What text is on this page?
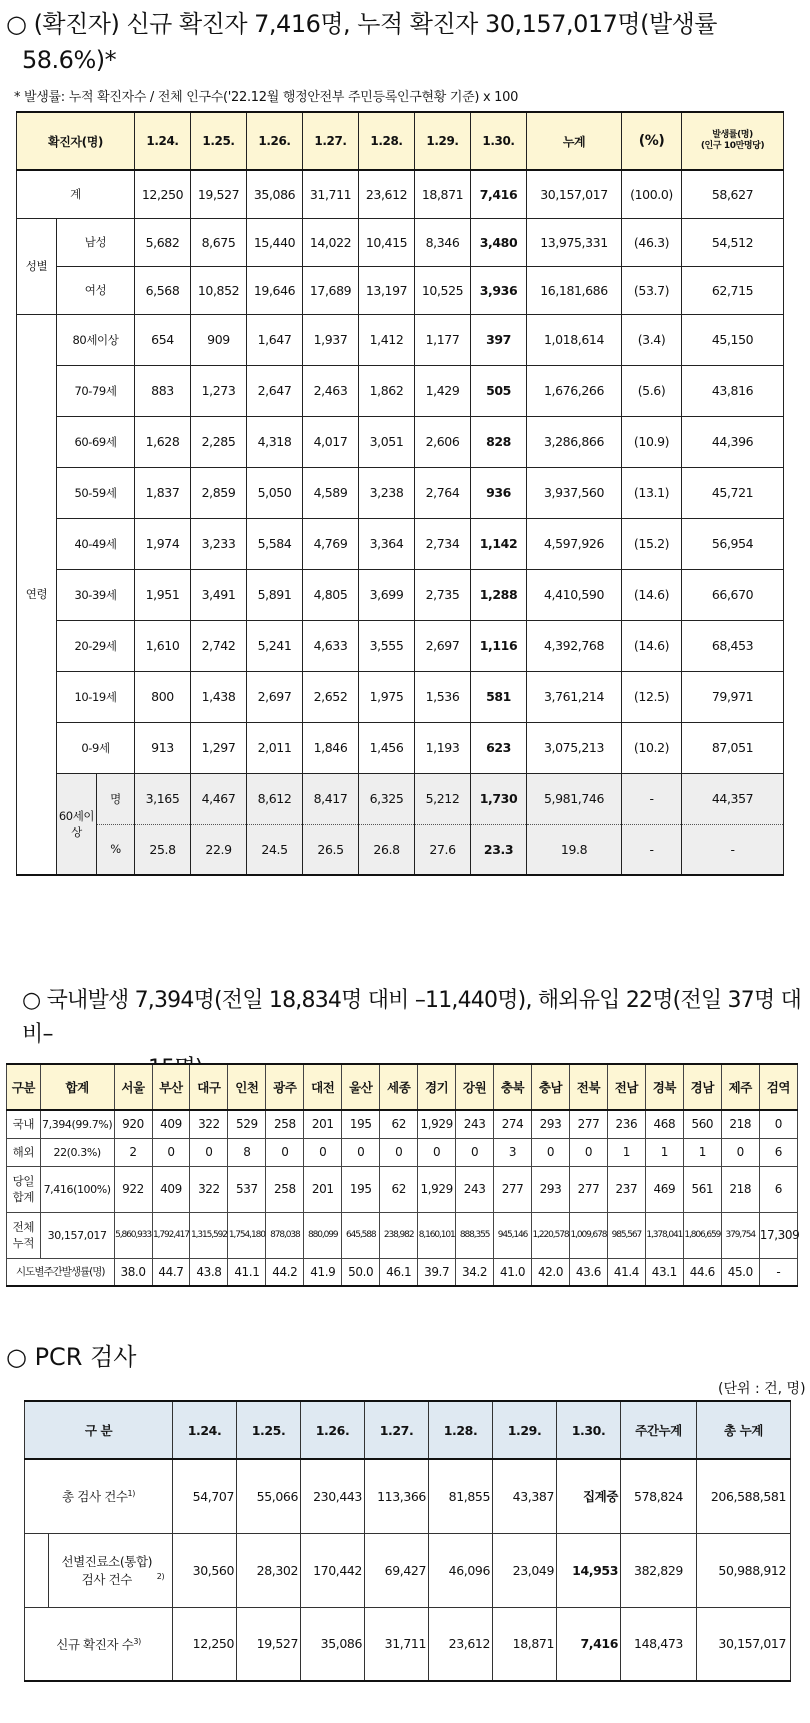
○ (확진자) 신규 확진자 7,416명, 누적 확진자 30,157,017명(발생률
58.6%)*
* 발생률: 누적 확진자수 / 전체 인구수('22.12월 행정안전부 주민등록인구현황 기준) x 100
확진자(명)			1.24.	1.25.	1.26.	1.27.	1.28.	1.29.	1.30.	누계	(%)	발생률(명)
(인구 10만명당)

계			12,250	19,527	35,086	31,711	23,612	18,871	7,416	30,157,017	(100.0)	58,627
성별	남성		5,682	8,675	15,440	14,022	10,415	8,346	3,480	13,975,331	(46.3)	54,512
	여성		6,568	10,852	19,646	17,689	13,197	10,525	3,936	16,181,686	(53.7)	62,715
연령	80세이상		654	909	1,647	1,937	1,412	1,177	397	1,018,614	(3.4)	45,150
	70-79세		883	1,273	2,647	2,463	1,862	1,429	505	1,676,266	(5.6)	43,816
	60-69세		1,628	2,285	4,318	4,017	3,051	2,606	828	3,286,866	(10.9)	44,396
	50-59세		1,837	2,859	5,050	4,589	3,238	2,764	936	3,937,560	(13.1)	45,721
	40-49세		1,974	3,233	5,584	4,769	3,364	2,734	1,142	4,597,926	(15.2)	56,954
	30-39세		1,951	3,491	5,891	4,805	3,699	2,735	1,288	4,410,590	(14.6)	66,670
	20-29세		1,610	2,742	5,241	4,633	3,555	2,697	1,116	4,392,768	(14.6)	68,453
	10-19세		800	1,438	2,697	2,652	1,975	1,536	581	3,761,214	(12.5)	79,971
	0-9세		913	1,297	2,011	1,846	1,456	1,193	623	3,075,213	(10.2)	87,051
	60세이상	명	3,165	4,467	8,612	8,417	6,325	5,212	1,730	5,981,746	-	44,357
		%	25.8	22.9	24.5	26.5	26.8	27.6	23.3	19.8	-	-
○ 국내발생 7,394명(전일 18,834명 대비 –11,440명), 해외유입 22명(전일 37명 대비–
구분	합계	서울	부산	대구	인천	광주	대전	울산	세종	경기	강원	충북	충남	전북	전남	경북	경남	제주	검역
국내	7,394(99.7%)	920	409	322	529	258	201	195	62	1,929	243	274	293	277	236	468	560	218	0
해외	22(0.3%)	2	0	0	8	0	0	0	0	0	0	3	0	0	1	1	1	0	6
당일 합계	7,416(100%)	922	409	322	537	258	201	195	62	1,929	243	277	293	277	237	469	561	218	6
전체 누적	30,157,017	5,860,933	1,792,417	1,315,592	1,754,180	878,038	880,099	645,588	238,982	8,160,101	888,355	945,146	1,220,578	1,009,678	985,567	1,378,041	1,806,659	379,754	17,309
시도별주간발생률(명)		38.0	44.7	43.8	41.1	44.2	41.9	50.0	46.1	39.7	34.2	41.0	42.0	43.6	41.4	43.1	44.6	45.0	-
○ PCR 검사
(단위 : 건, 명)
구 분		1.24.	1.25.	1.26.	1.27.	1.28.	1.29.	1.30.	주간누계	총 누계
총 검사 건수$^{1)}$		54,707	55,066	230,443	113,366	81,855	43,387	집계중	578,824	206,588,581
	선별진료소(통합) 검사 건수 $^{2)}$	30,560	28,302	170,442	69,427	46,096	23,049	14,953	382,829	50,988,912
신규 확진자 수$^{3)}$		12,250	19,527	35,086	31,711	23,612	18,871	7,416	148,473	30,157,017
